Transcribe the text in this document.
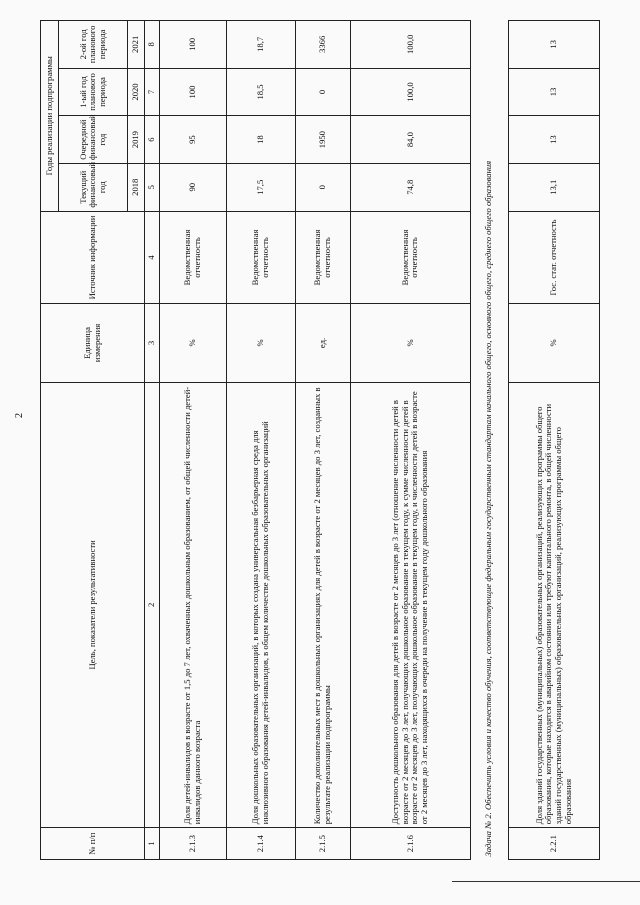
2
№ п/п	Цель, показатели результативности	Единица измерения	Источник информации	Годы реализации подпрограммы			
				Текущий финансовый год	Очередной финансовый год	1-ый год планового периода	2-ой год планового периода
				2018	2019	2020	2021
1	2	3	4	5	6	7	8
2.1.3	Доля детей-инвалидов в возрасте от 1,5 до 7 лет, охваченных дошкольным образованием, от общей численности детей-инвалидов данного возраста	%	Ведомственная отчетность	90	95	100	100
2.1.4	Доля дошкольных образовательных организаций, в которых создана универсальная безбарьерная среда для инклюзивного образования детей-инвалидов, в общем количестве дошкольных образовательных организаций	%	Ведомственная отчетность	17,5	18	18,5	18,7
2.1.5	Количество дополнительных мест в дошкольных организациях для детей в возрасте от 2 месяцев до 3 лет, созданных в результате реализации подпрограммы	ед.	Ведомственная отчетность	0	1950	0	3366
2.1.6	Доступность дошкольного образования для детей в возрасте от 2 месяцев до 3 лет (отношение численности детей в возрасте от 2 месяцев до 3 лет, получающих дошкольное образование в текущем году, к сумме численности детей в возрасте от 2 месяцев до 3 лет, получающих дошкольное образование в текущем году, и численности детей в возрасте от 2 месяцев до 3 лет, находящихся в очереди на получение в текущем году дошкольного образования	%	Ведомственная отчетность	74,8	84,0	100,0	100,0
Задача № 2. Обеспечить условия и качество обучения, соответствующие федеральным государственным стандартам начального общего, основного общего, среднего общего образования							
2.2.1	Доля зданий государственных (муниципальных) образовательных организаций, реализующих программы общего образования, которые находятся в аварийном состоянии или требуют капитального ремонта, в общей численности зданий государственных (муниципальных) образовательных организаций, реализующих программы общего образования	%	Гос. стат. отчетность	13,1	13	13	13
